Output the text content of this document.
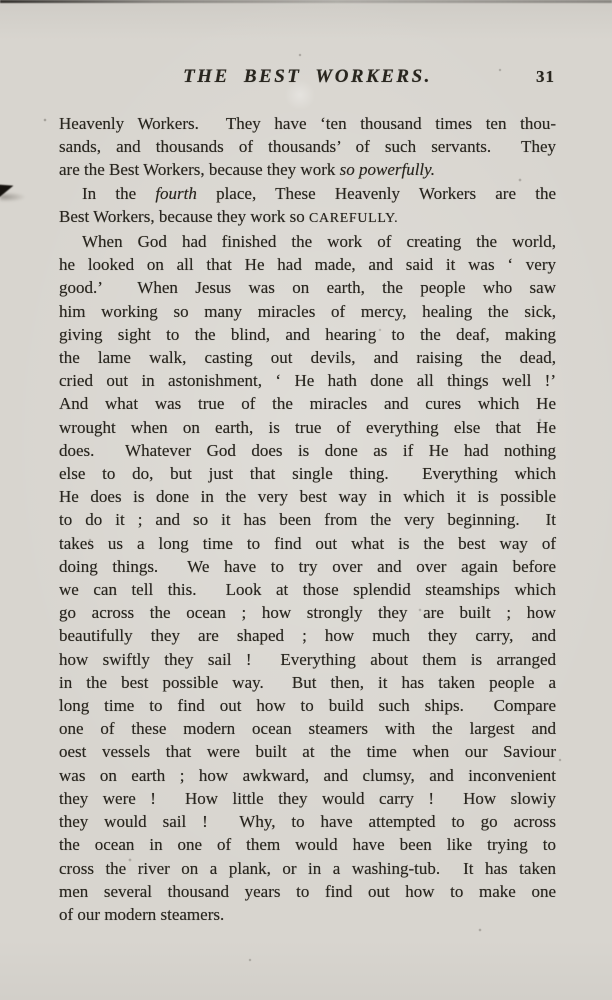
THE BEST WORKERS.	31
Heavenly Workers.  They have ‘ten thousand times ten thou-
sands, and thousands of thousands’ of such servants.  They
are the Best Workers, because they work so powerfully.
In the fourth place, These Heavenly Workers are the
Best Workers, because they work so CAREFULLY.
When God had finished the work of creating the world,
he looked on all that He had made, and said it was ‘ very
good.’  When Jesus was on earth, the people who saw
him working so many miracles of mercy, healing the sick,
giving sight to the blind, and hearing to the deaf, making
the lame walk, casting out devils, and raising the dead,
cried out in astonishment, ‘ He hath done all things well !’
And what was true of the miracles and cures which He
wrought when on earth, is true of everything else that He
does.  Whatever God does is done as if He had nothing
else to do, but just that single thing.  Everything which
He does is done in the very best way in which it is possible
to do it ; and so it has been from the very beginning.  It
takes us a long time to find out what is the best way of
doing things.  We have to try over and over again before
we can tell this.  Look at those splendid steamships which
go across the ocean ; how strongly they are built ; how
beautifully they are shaped ; how much they carry, and
how swiftly they sail !  Everything about them is arranged
in the best possible way.  But then, it has taken people a
long time to find out how to build such ships.  Compare
one of these modern ocean steamers with the largest and
oest vessels that were built at the time when our Saviour
was on earth ; how awkward, and clumsy, and inconvenient
they were !  How little they would carry !  How slowiy
they would sail !  Why, to have attempted to go across
the ocean in one of them would have been like trying to
cross the river on a plank, or in a washing-tub.  It has taken
men several thousand years to find out how to make one
of our modern steamers.
